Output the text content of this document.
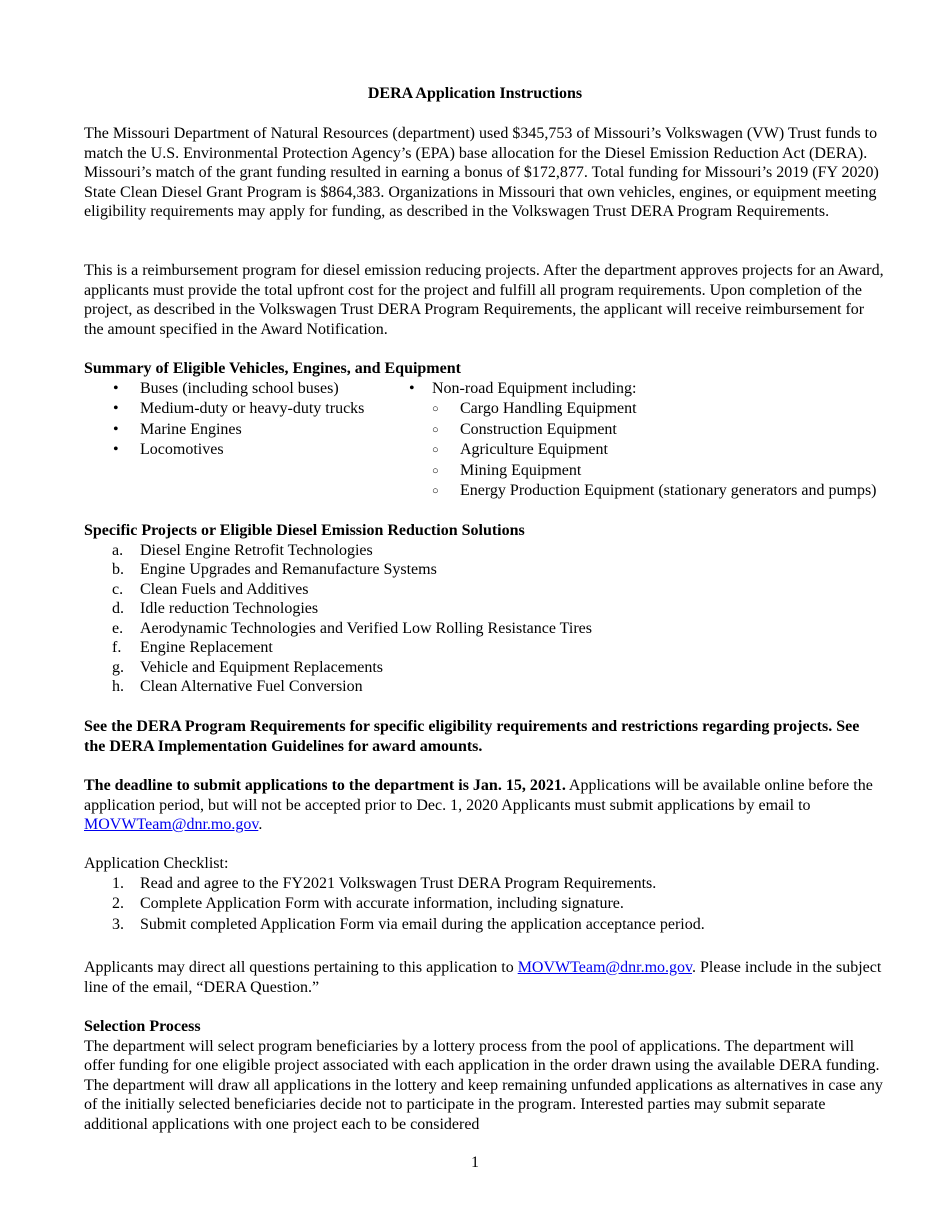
DERA Application Instructions

The Missouri Department of Natural Resources (department) used $345,753 of Missouri’s Volkswagen (VW) Trust funds to match the U.S. Environmental Protection Agency’s (EPA) base allocation for the Diesel Emission Reduction Act (DERA). Missouri’s match of the grant funding resulted in earning a bonus of $172,877. Total funding for Missouri’s 2019 (FY 2020) State Clean Diesel Grant Program is $864,383. Organizations in Missouri that own vehicles, engines, or equipment meeting eligibility requirements may apply for funding, as described in the Volkswagen Trust DERA Program Requirements.

This is a reimbursement program for diesel emission reducing projects. After the department approves projects for an Award, applicants must provide the total upfront cost for the project and fulfill all program requirements. Upon completion of the project, as described in the Volkswagen Trust DERA Program Requirements, the applicant will receive reimbursement for the amount specified in the Award Notification.

Summary of Eligible Vehicles, Engines, and Equipment

• Buses (including school buses)
• Medium-duty or heavy-duty trucks
• Marine Engines
• Locomotives
• Non-road Equipment including:
○ Cargo Handling Equipment
○ Construction Equipment
○ Agriculture Equipment
○ Mining Equipment
○ Energy Production Equipment (stationary generators and pumps)

Specific Projects or Eligible Diesel Emission Reduction Solutions

a. Diesel Engine Retrofit Technologies
b. Engine Upgrades and Remanufacture Systems
c. Clean Fuels and Additives
d. Idle reduction Technologies
e. Aerodynamic Technologies and Verified Low Rolling Resistance Tires
f. Engine Replacement
g. Vehicle and Equipment Replacements
h. Clean Alternative Fuel Conversion

See the DERA Program Requirements for specific eligibility requirements and restrictions regarding projects. See the DERA Implementation Guidelines for award amounts.

The deadline to submit applications to the department is Jan. 15, 2021. Applications will be available online before the application period, but will not be accepted prior to Dec. 1, 2020 Applicants must submit applications by email to MOVWTeam@dnr.mo.gov.

Application Checklist:

1. Read and agree to the FY2021 Volkswagen Trust DERA Program Requirements.
2. Complete Application Form with accurate information, including signature.
3. Submit completed Application Form via email during the application acceptance period.

Applicants may direct all questions pertaining to this application to MOVWTeam@dnr.mo.gov. Please include in the subject line of the email, “DERA Question.”

Selection Process

The department will select program beneficiaries by a lottery process from the pool of applications. The department will offer funding for one eligible project associated with each application in the order drawn using the available DERA funding. The department will draw all applications in the lottery and keep remaining unfunded applications as alternatives in case any of the initially selected beneficiaries decide not to participate in the program. Interested parties may submit separate additional applications with one project each to be considered

1
